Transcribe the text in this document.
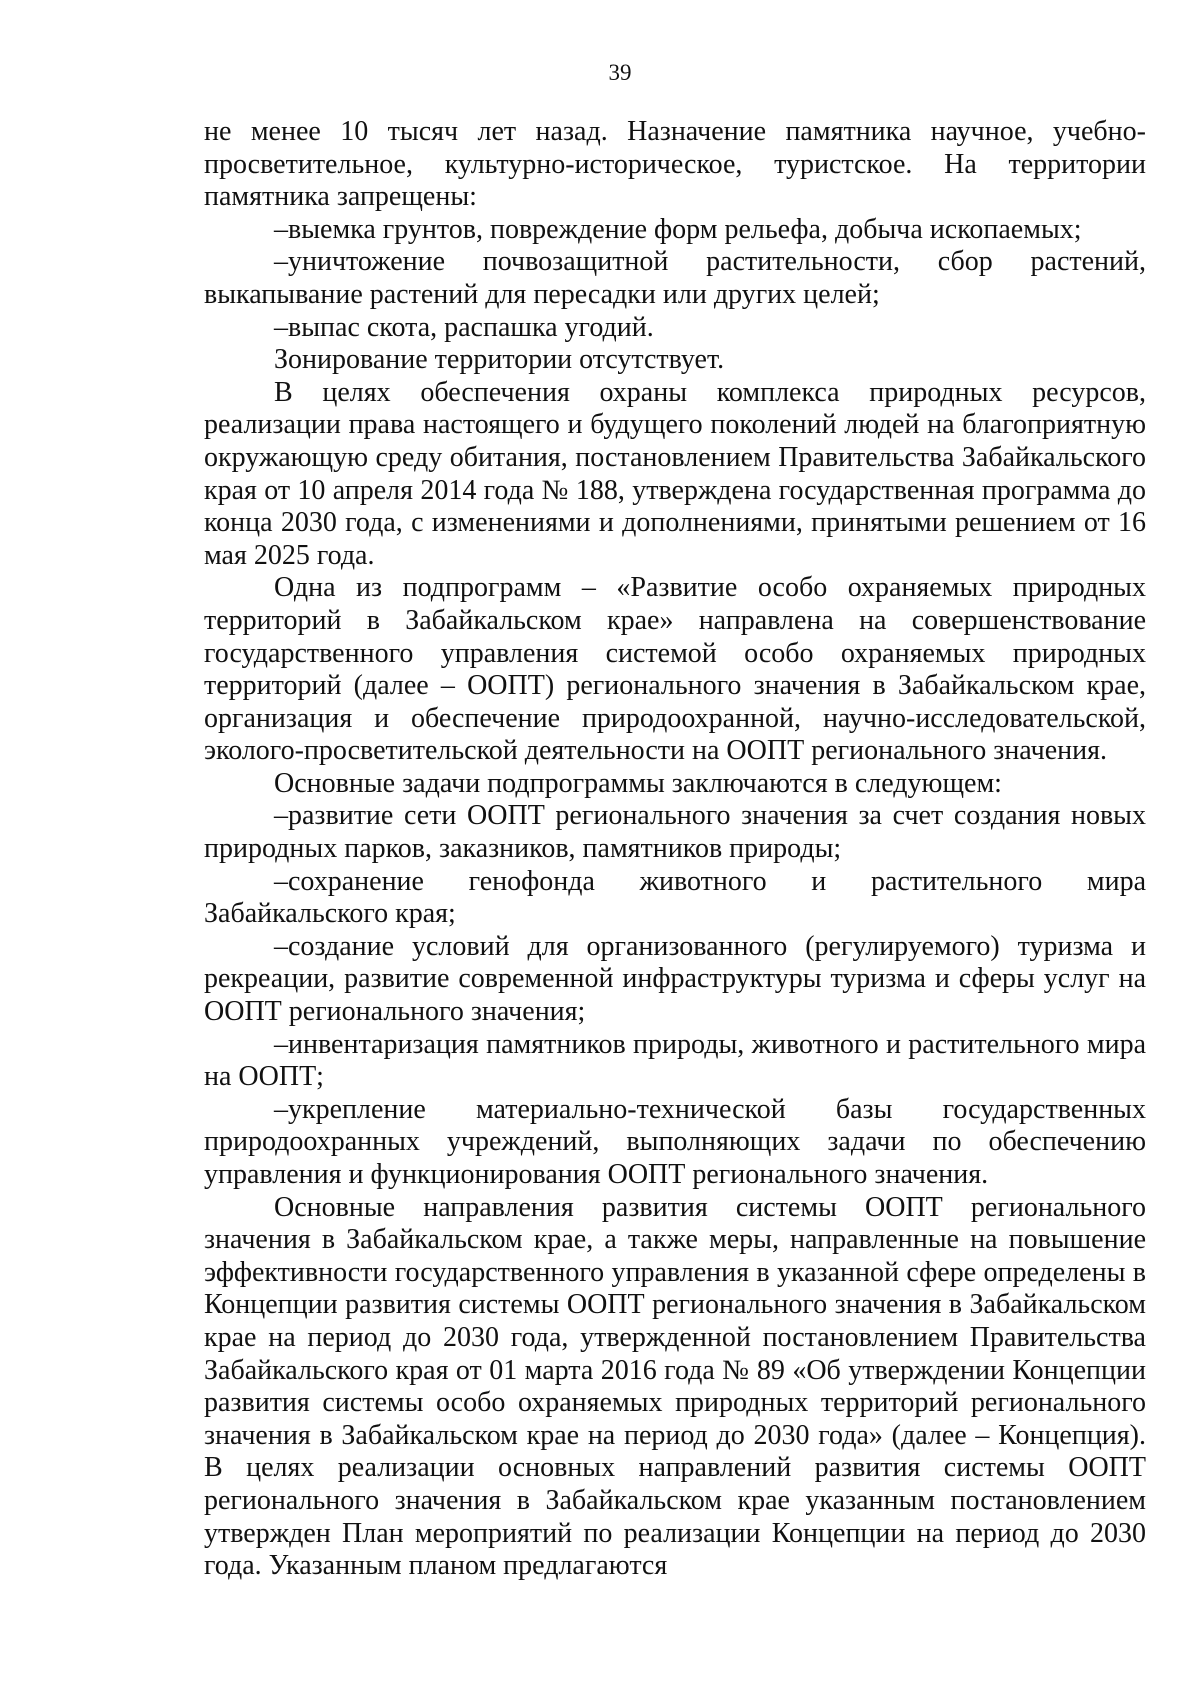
39

не менее 10 тысяч лет назад. Назначение памятника научное, учебно-просветительное, культурно-историческое, туристское. На территории памятника запрещены:

–выемка грунтов, повреждение форм рельефа, добыча ископаемых;

–уничтожение почвозащитной растительности, сбор растений, выкапывание растений для пересадки или других целей;

–выпас скота, распашка угодий.

Зонирование территории отсутствует.

В целях обеспечения охраны комплекса природных ресурсов, реализации права настоящего и будущего поколений людей на благоприятную окружающую среду обитания, постановлением Правительства Забайкальского края от 10 апреля 2014 года № 188, утверждена государственная программа до конца 2030 года, с изменениями и дополнениями, принятыми решением от 16 мая 2025 года.

Одна из подпрограмм – «Развитие особо охраняемых природных территорий в Забайкальском крае» направлена на совершенствование государственного управления системой особо охраняемых природных территорий (далее – ООПТ) регионального значения в Забайкальском крае, организация и обеспечение природоохранной, научно-исследовательской, эколого-просветительской деятельности на ООПТ регионального значения.

Основные задачи подпрограммы заключаются в следующем:

–развитие сети ООПТ регионального значения за счет создания новых природных парков, заказников, памятников природы;

–сохранение генофонда животного и растительного мира Забайкальского края;

–создание условий для организованного (регулируемого) туризма и рекреации, развитие современной инфраструктуры туризма и сферы услуг на ООПТ регионального значения;

–инвентаризация памятников природы, животного и растительного мира на ООПТ;

–укрепление материально-технической базы государственных природоохранных учреждений, выполняющих задачи по обеспечению управления и функционирования ООПТ регионального значения.

Основные направления развития системы ООПТ регионального значения в Забайкальском крае, а также меры, направленные на повышение эффективности государственного управления в указанной сфере определены в Концепции развития системы ООПТ регионального значения в Забайкальском крае на период до 2030 года, утвержденной постановлением Правительства Забайкальского края от 01 марта 2016 года № 89 «Об утверждении Концепции развития системы особо охраняемых природных территорий регионального значения в Забайкальском крае на период до 2030 года» (далее – Концепция). В целях реализации основных направлений развития системы ООПТ регионального значения в Забайкальском крае указанным постановлением утвержден План мероприятий по реализации Концепции на период до 2030 года. Указанным планом предлагаются
